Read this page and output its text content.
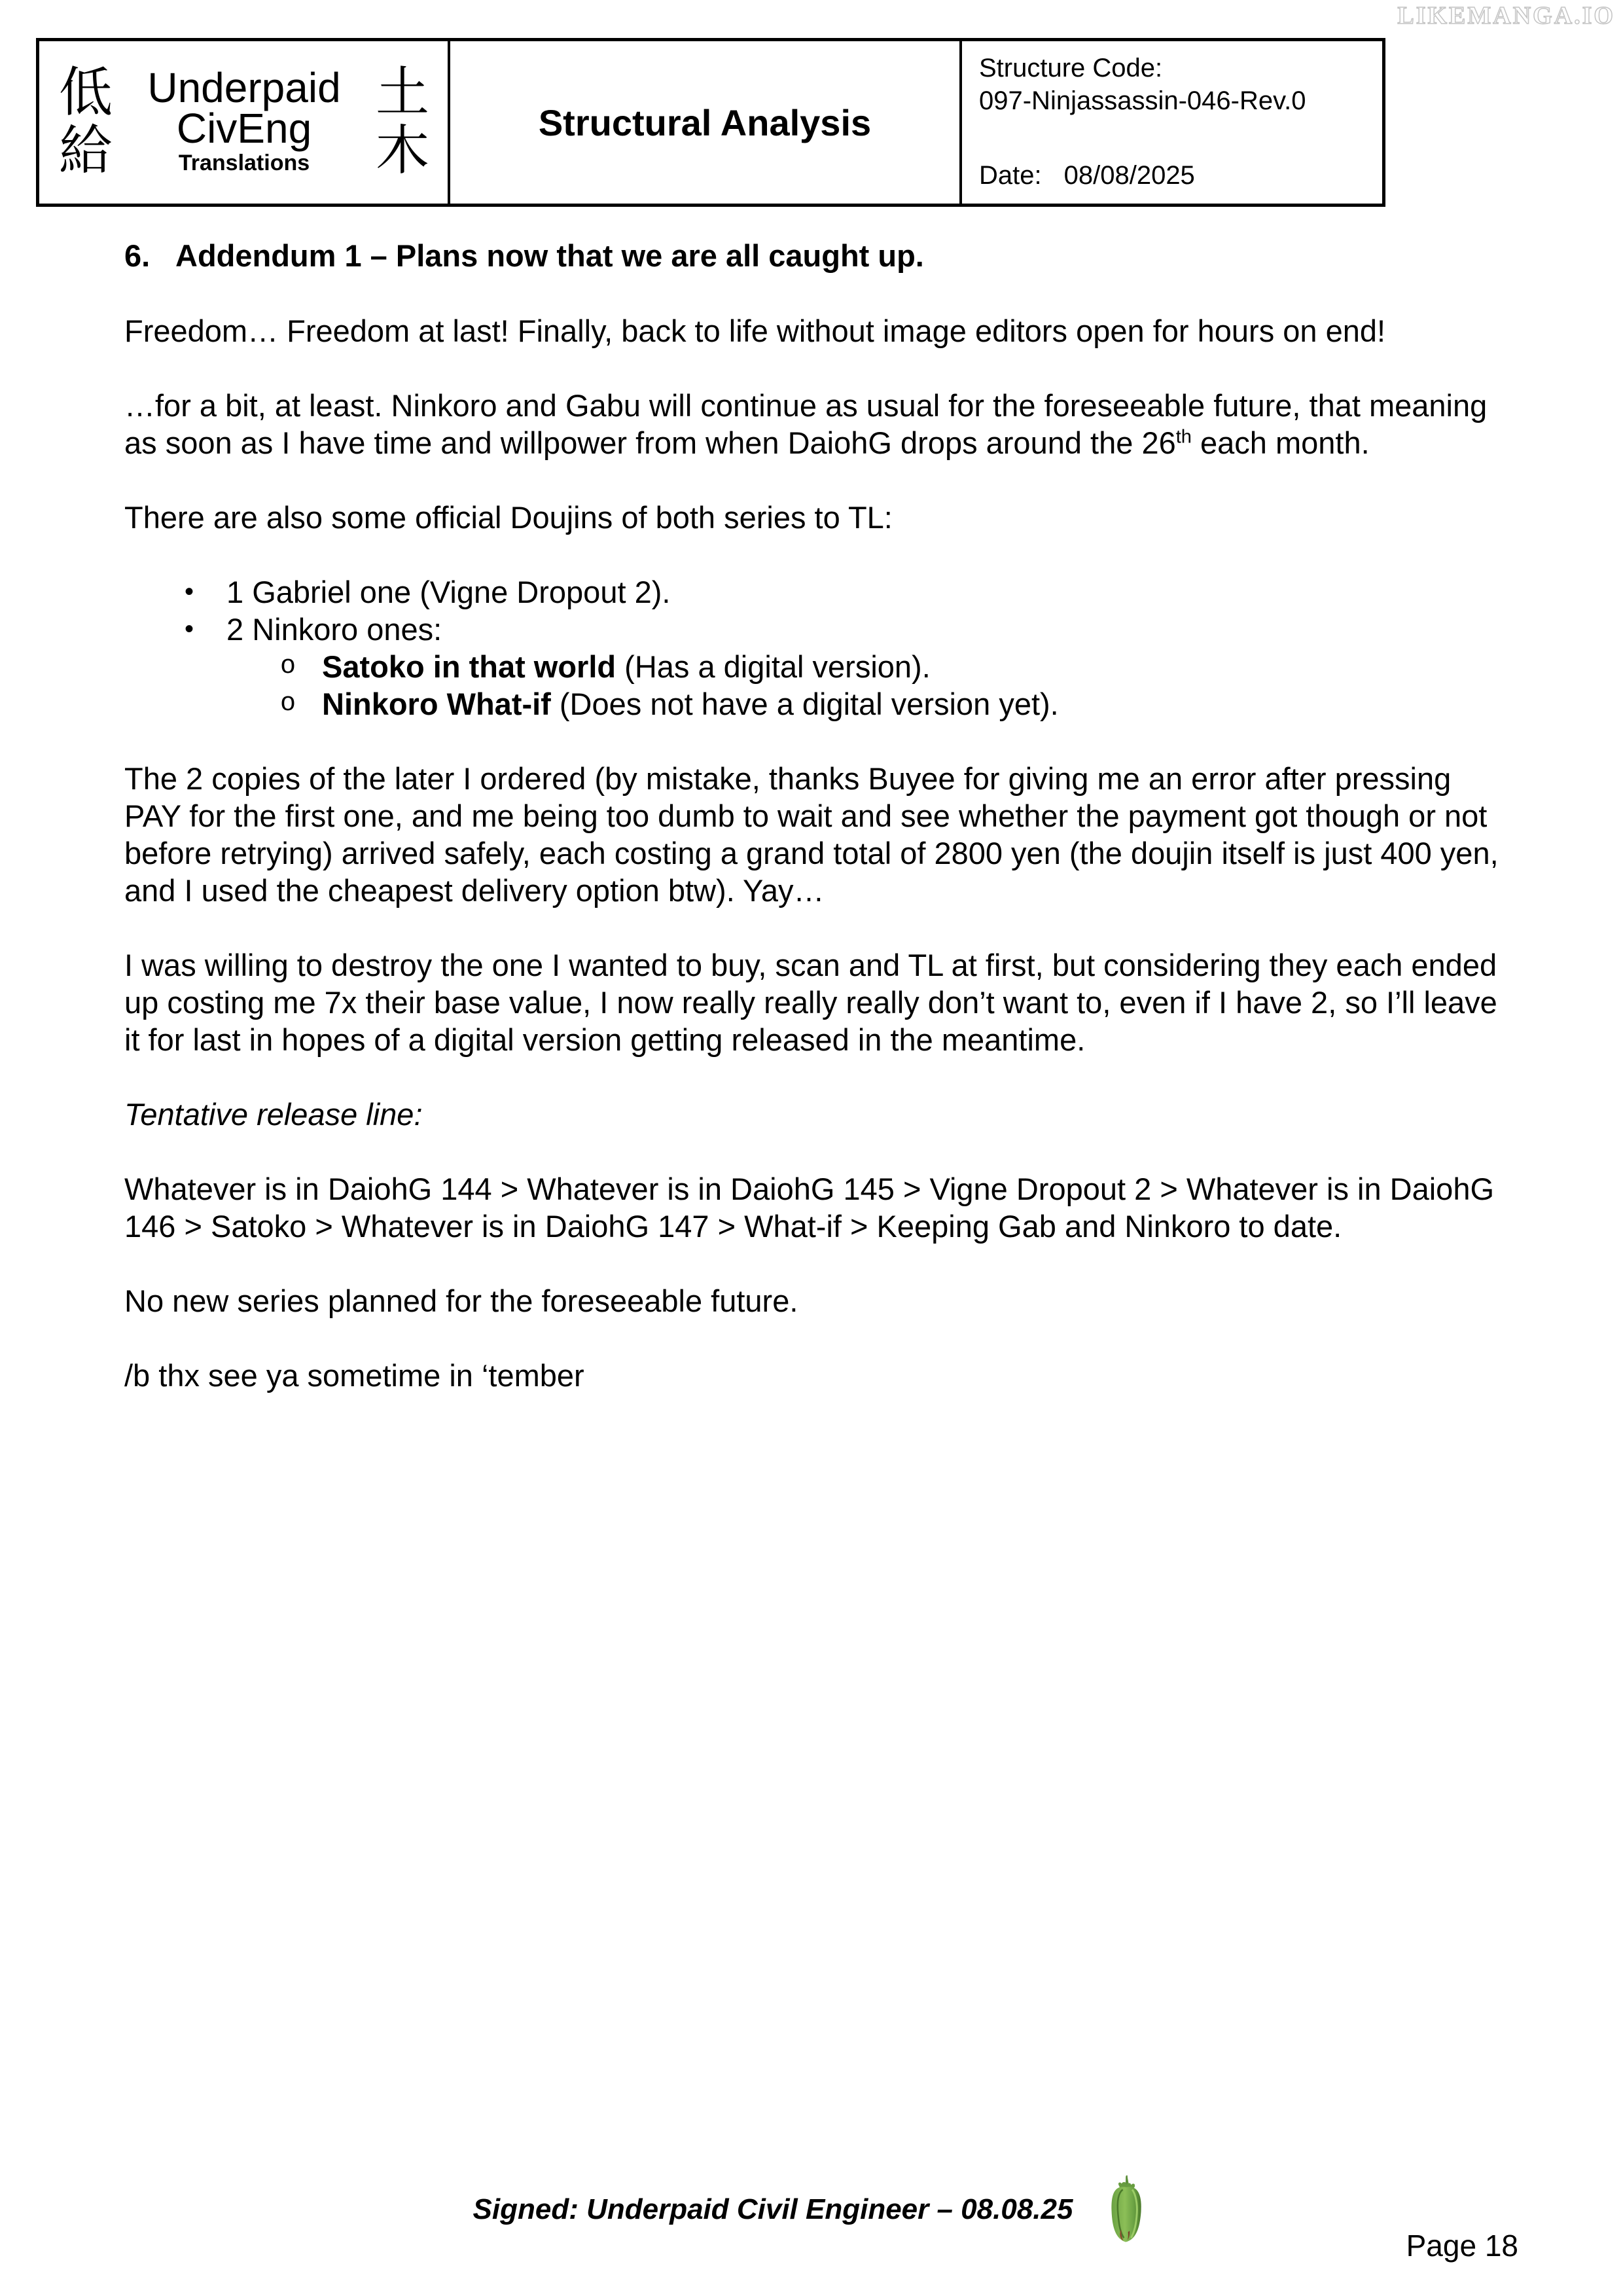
LIKEMANGA.IO
低
給
Underpaid
CivEng
Translations
土
木	Structural Analysis
Structure Code:
097-Ninjassassin-046-Rev.0
Date: 08/08/2025
6. Addendum 1 – Plans now that we are all caught up.

Freedom… Freedom at last! Finally, back to life without image editors open for hours on end!

…for a bit, at least. Ninkoro and Gabu will continue as usual for the foreseeable future, that meaning as soon as I have time and willpower from when DaiohG drops around the 26th each month.

There are also some official Doujins of both series to TL:

•	1 Gabriel one (Vigne Dropout 2).
•	2 Ninkoro ones:
o Satoko in that world (Has a digital version).
o Ninkoro What-if (Does not have a digital version yet).

The 2 copies of the later I ordered (by mistake, thanks Buyee for giving me an error after pressing PAY for the first one, and me being too dumb to wait and see whether the payment got though or not before retrying) arrived safely, each costing a grand total of 2800 yen (the doujin itself is just 400 yen, and I used the cheapest delivery option btw). Yay…

I was willing to destroy the one I wanted to buy, scan and TL at first, but considering they each ended up costing me 7x their base value, I now really really really don’t want to, even if I have 2, so I’ll leave it for last in hopes of a digital version getting released in the meantime.

Tentative release line:

Whatever is in DaiohG 144 > Whatever is in DaiohG 145 > Vigne Dropout 2 > Whatever is in DaiohG 146 > Satoko > Whatever is in DaiohG 147 > What-if > Keeping Gab and Ninkoro to date.

No new series planned for the foreseeable future.

/b thx see ya sometime in ‘tember

Signed: Underpaid Civil Engineer – 08.08.25
Page 18
